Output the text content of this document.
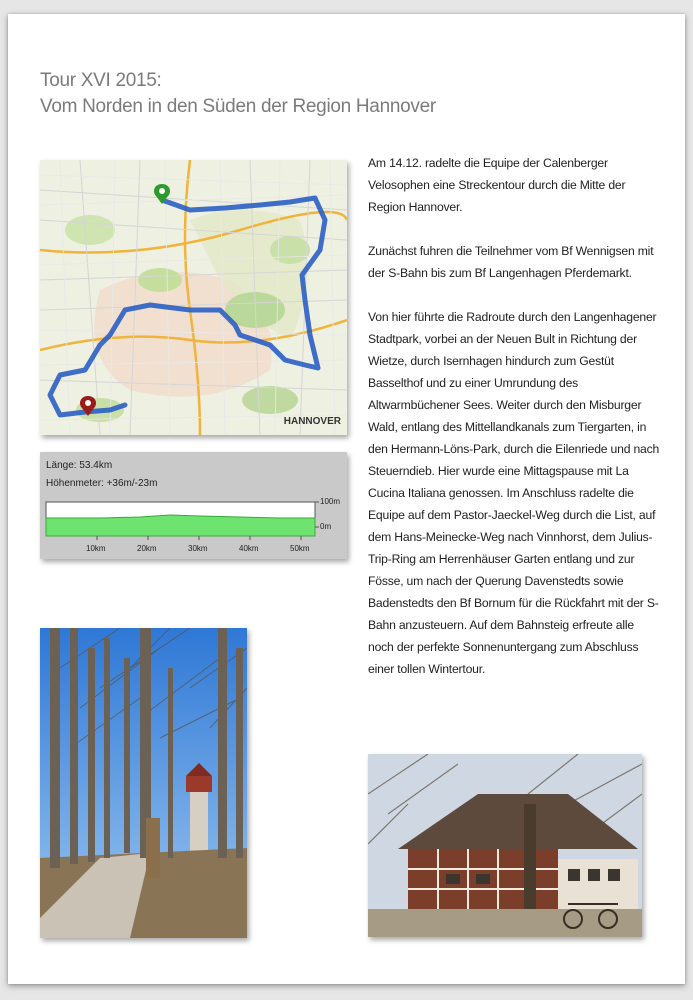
Tour XVI 2015:
Vom Norden in den Süden der Region Hannover
HANNOVER
Länge: 53.4km
Höhenmeter: +36m/-23m
100m
0m
10km	20km	30km	40km	50km

Am 14.12. radelte die Equipe der Calenberger Velosophen eine Streckentour durch die Mitte der Region Hannover.

Zunächst fuhren die Teilnehmer vom Bf Wennigsen mit der S-Bahn bis zum Bf Langenhagen Pferdemarkt.

Von hier führte die Radroute durch den Langenhagener Stadtpark, vorbei an der Neuen Bult in Richtung der Wietze, durch Isernhagen hindurch zum Gestüt Basselthof und zu einer Umrundung des Altwarmbüchener Sees. Weiter durch den Misburger Wald, entlang des Mittellandkanals zum Tiergarten, in den Hermann-Löns-Park, durch die Eilenriede und nach Steuerndieb. Hier wurde eine Mittagspause mit La Cucina Italiana genossen. Im Anschluss radelte die Equipe auf dem Pastor-Jaeckel-Weg durch die List, auf dem Hans-Meinecke-Weg nach Vinnhorst, dem Julius-Trip-Ring am Herrenhäuser Garten entlang und zur Fösse, um nach der Querung Davenstedts sowie Badenstedts den Bf Bornum für die Rückfahrt mit der S-Bahn anzusteuern. Auf dem Bahnsteig erfreute alle noch der perfekte Sonnenuntergang zum Abschluss einer tollen Wintertour.
